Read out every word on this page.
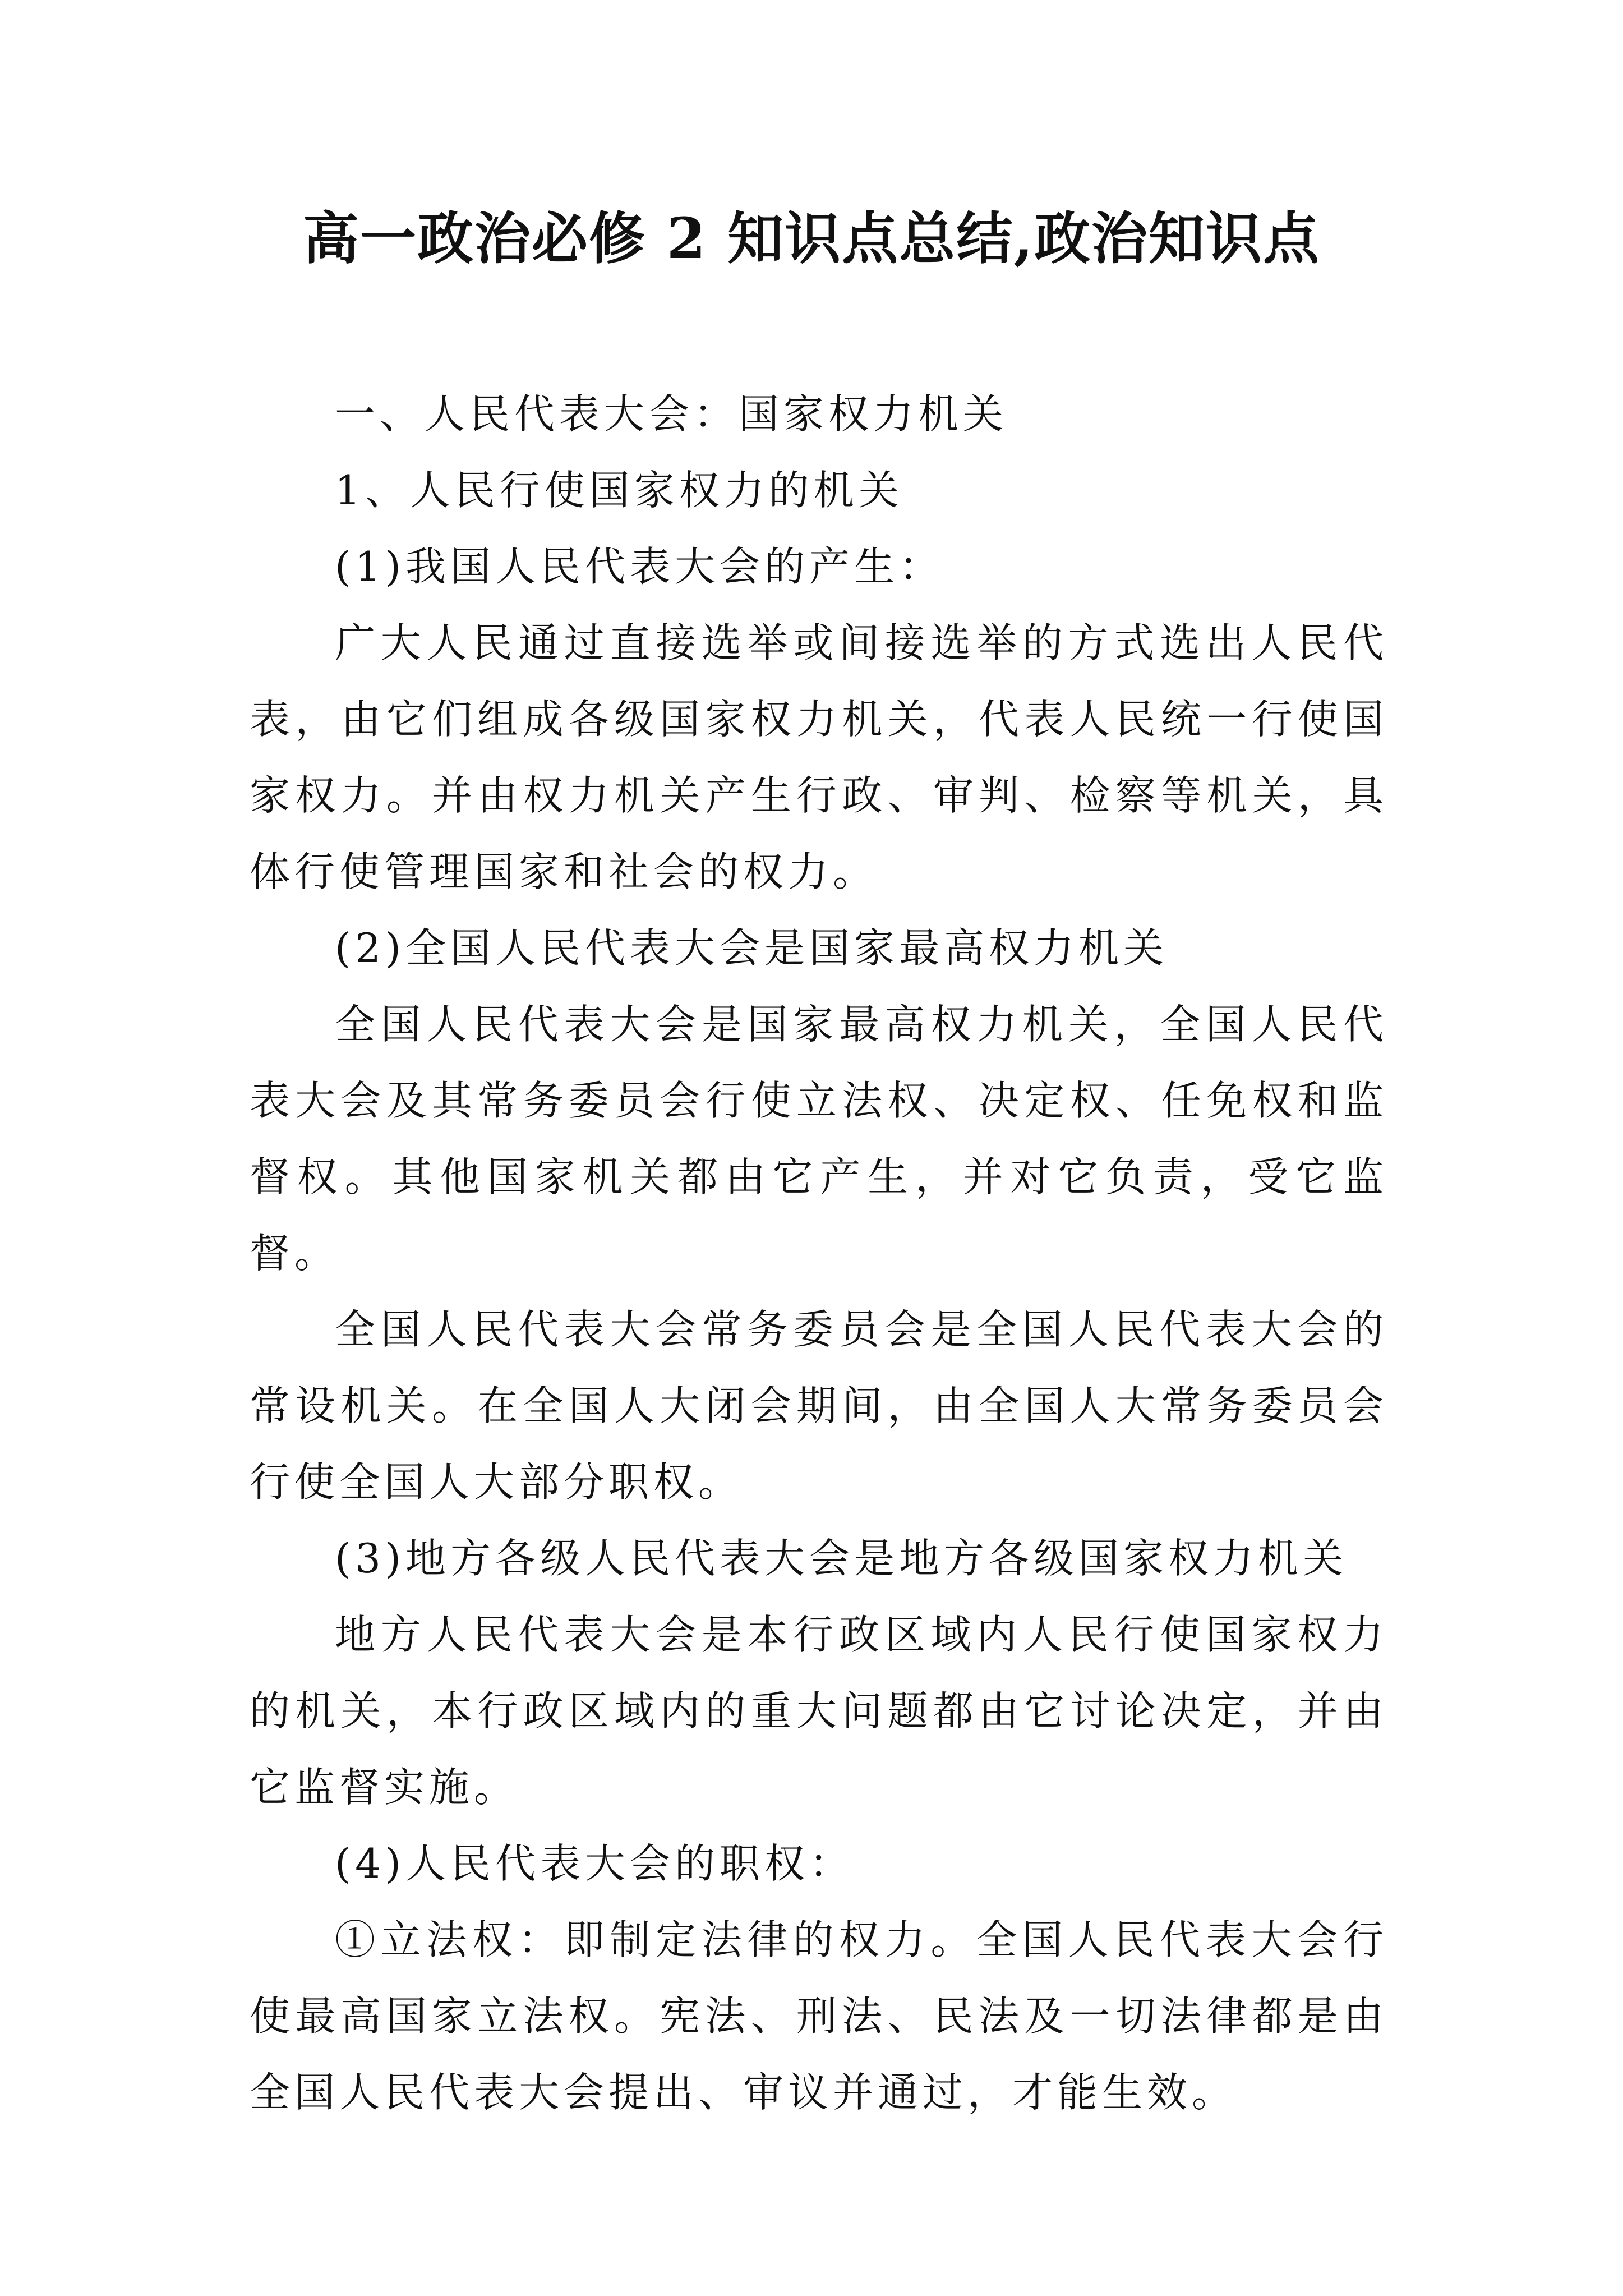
高一政治必修 2 知识点总结,政治知识点

一、人民代表大会：国家权力机关

1、人民行使国家权力的机关

(1)我国人民代表大会的产生：

广大人民通过直接选举或间接选举的方式选出人民代表，由它们组成各级国家权力机关，代表人民统一行使国家权力。并由权力机关产生行政、审判、检察等机关，具体行使管理国家和社会的权力。

(2)全国人民代表大会是国家最高权力机关

全国人民代表大会是国家最高权力机关，全国人民代表大会及其常务委员会行使立法权、决定权、任免权和监督权。其他国家机关都由它产生，并对它负责，受它监督。

全国人民代表大会常务委员会是全国人民代表大会的常设机关。在全国人大闭会期间，由全国人大常务委员会行使全国人大部分职权。

(3)地方各级人民代表大会是地方各级国家权力机关

地方人民代表大会是本行政区域内人民行使国家权力的机关，本行政区域内的重大问题都由它讨论决定，并由它监督实施。

(4)人民代表大会的职权：

①立法权：即制定法律的权力。全国人民代表大会行使最高国家立法权。宪法、刑法、民法及一切法律都是由全国人民代表大会提出、审议并通过，才能生效。
